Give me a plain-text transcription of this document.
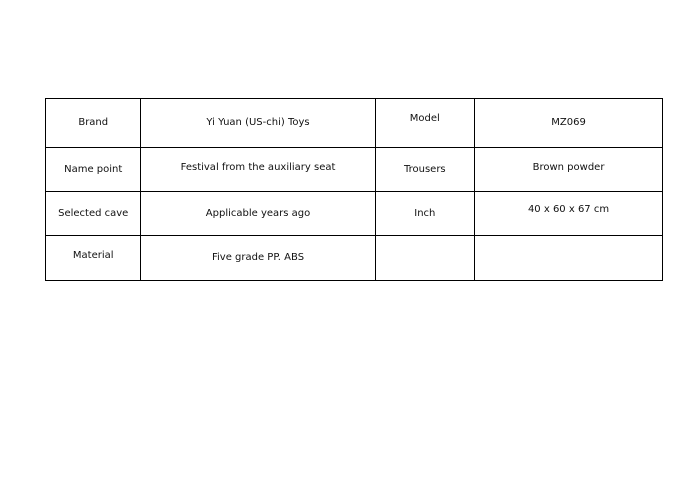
Brand	Yi Yuan (US-chi) Toys	Model	MZ069
Name point	Festival from the auxiliary seat	Trousers	Brown powder
Selected cave	Applicable years ago	Inch	40 x 60 x 67 cm
Material	Five grade PP. ABS		
